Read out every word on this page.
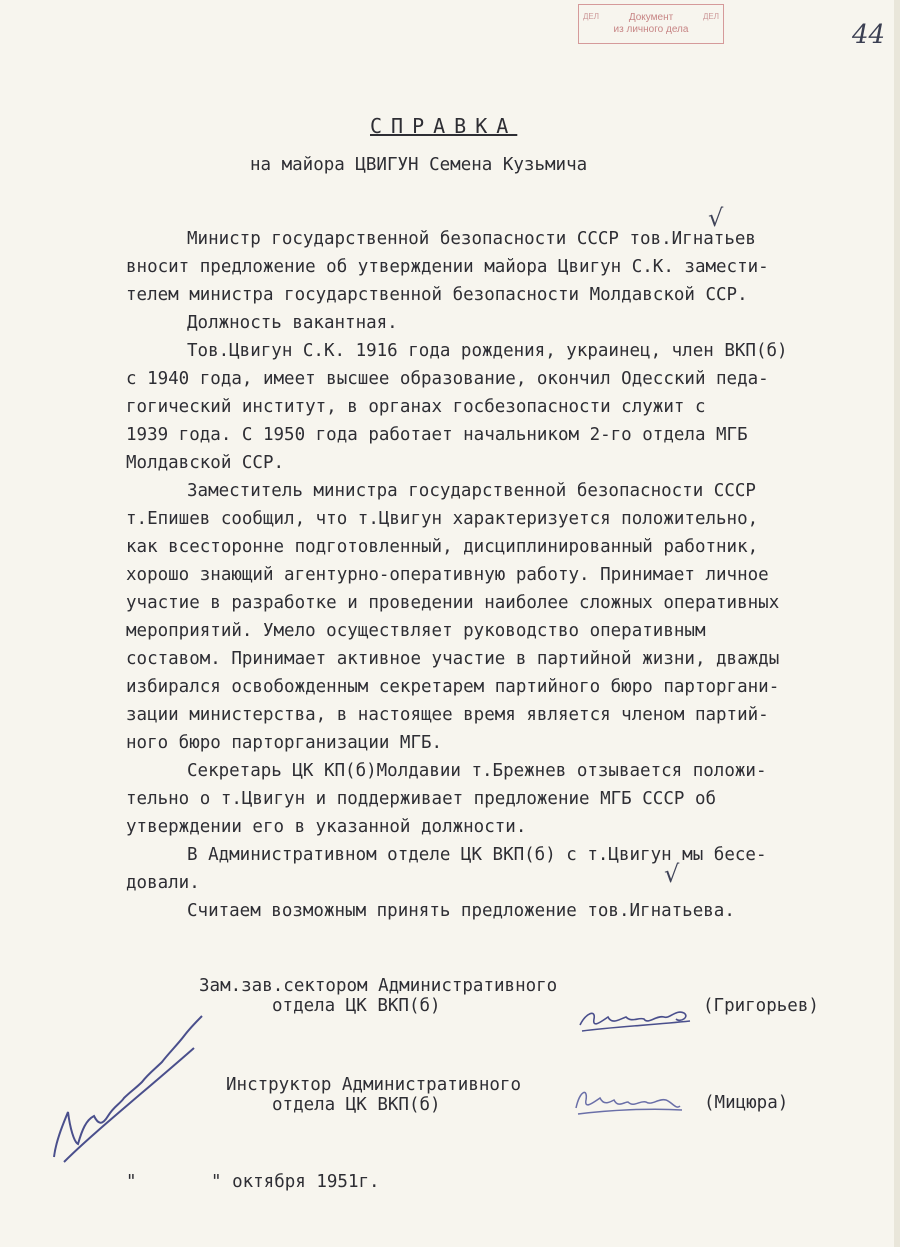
ДЕЛ	Документ
из личного дела
ДЕЛ
44
СПРАВКА
на майора ЦВИГУН Семена Кузьмича
√
√
Министр государственной безопасности СССР тов.Игнатьев
вносит предложение об утверждении майора Цвигун С.К. замести-
телем министра государственной безопасности Молдавской ССР.
Должность вакантная.
Тов.Цвигун С.К. 1916 года рождения, украинец, член ВКП(б)
с 1940 года, имеет высшее образование, окончил Одесский педа-
гогический институт, в органах госбезопасности служит с
1939 года. С 1950 года работает начальником 2-го отдела МГБ
Молдавской ССР.
Заместитель министра государственной безопасности СССР
т.Епишев сообщил, что т.Цвигун характеризуется положительно,
как всесторонне подготовленный, дисциплинированный работник,
хорошо знающий агентурно-оперативную работу. Принимает личное
участие в разработке и проведении наиболее сложных оперативных
мероприятий. Умело осуществляет руководство оперативным
составом. Принимает активное участие в партийной жизни, дважды
избирался освобожденным секретарем партийного бюро парторгани-
зации министерства, в настоящее время является членом партий-
ного бюро парторганизации МГБ.
Секретарь ЦК КП(б)Молдавии т.Брежнев отзывается положи-
тельно о т.Цвигун и поддерживает предложение МГБ СССР об
утверждении его в указанной должности.
В Административном отделе ЦК ВКП(б) с т.Цвигун мы бесе-
довали.
Считаем возможным принять предложение тов.Игнатьева.
Зам.зав.сектором Административного
отдела ЦК ВКП(б)	(Григорьев)
Инструктор Административного
отдела ЦК ВКП(б)	(Мицюра)
"	" октября 1951г.
